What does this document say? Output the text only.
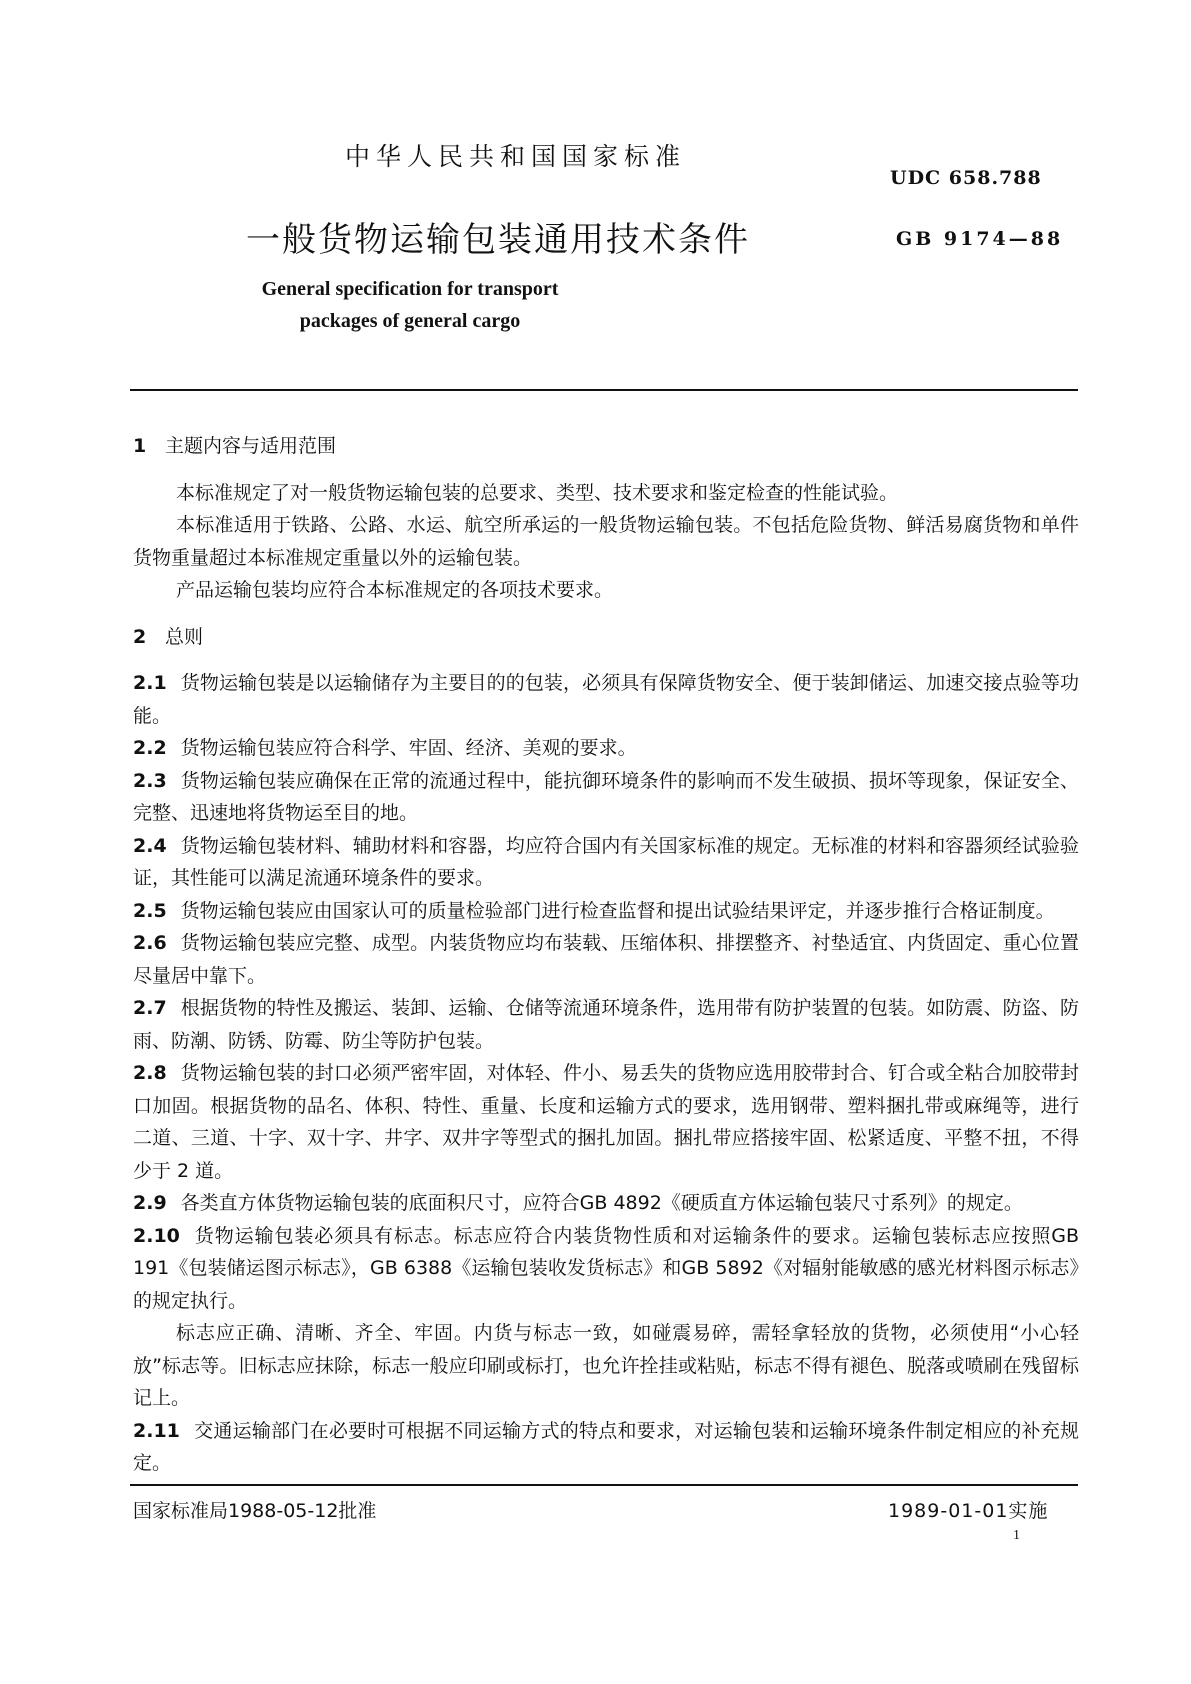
中华人民共和国国家标准
UDC 658.788
一般货物运输包装通用技术条件	GB 9174—88
General specification for transport
packages of general cargo
1 主题内容与适用范围

本标准规定了对一般货物运输包装的总要求、类型、技术要求和鉴定检查的性能试验。

本标准适用于铁路、公路、水运、航空所承运的一般货物运输包装。不包括危险货物、鲜活易腐货物和单件货物重量超过本标准规定重量以外的运输包装。

产品运输包装均应符合本标准规定的各项技术要求。

2 总则

2.1 货物运输包装是以运输储存为主要目的的包装，必须具有保障货物安全、便于装卸储运、加速交接点验等功能。

2.2 货物运输包装应符合科学、牢固、经济、美观的要求。

2.3 货物运输包装应确保在正常的流通过程中，能抗御环境条件的影响而不发生破损、损坏等现象，保证安全、完整、迅速地将货物运至目的地。

2.4 货物运输包装材料、辅助材料和容器，均应符合国内有关国家标准的规定。无标准的材料和容器须经试验验证，其性能可以满足流通环境条件的要求。

2.5 货物运输包装应由国家认可的质量检验部门进行检查监督和提出试验结果评定，并逐步推行合格证制度。

2.6 货物运输包装应完整、成型。内装货物应均布装载、压缩体积、排摆整齐、衬垫适宜、内货固定、重心位置尽量居中靠下。

2.7 根据货物的特性及搬运、装卸、运输、仓储等流通环境条件，选用带有防护装置的包装。如防震、防盗、防雨、防潮、防锈、防霉、防尘等防护包装。

2.8 货物运输包装的封口必须严密牢固，对体轻、件小、易丢失的货物应选用胶带封合、钉合或全粘合加胶带封口加固。根据货物的品名、体积、特性、重量、长度和运输方式的要求，选用钢带、塑料捆扎带或麻绳等，进行二道、三道、十字、双十字、井字、双井字等型式的捆扎加固。捆扎带应搭接牢固、松紧适度、平整不扭，不得少于 2 道。

2.9 各类直方体货物运输包装的底面积尺寸，应符合GB 4892《硬质直方体运输包装尺寸系列》的规定。

2.10 货物运输包装必须具有标志。标志应符合内装货物性质和对运输条件的要求。运输包装标志应按照GB 191《包装储运图示标志》，GB 6388《运输包装收发货标志》和GB 5892《对辐射能敏感的感光材料图示标志》的规定执行。

标志应正确、清晰、齐全、牢固。内货与标志一致，如碰震易碎，需轻拿轻放的货物，必须使用“小心轻放”标志等。旧标志应抹除，标志一般应印刷或标打，也允许拴挂或粘贴，标志不得有褪色、脱落或喷刷在残留标记上。

2.11 交通运输部门在必要时可根据不同运输方式的特点和要求，对运输包装和运输环境条件制定相应的补充规定。

国家标准局1988-05-12批准	1989-01-01实施
1
